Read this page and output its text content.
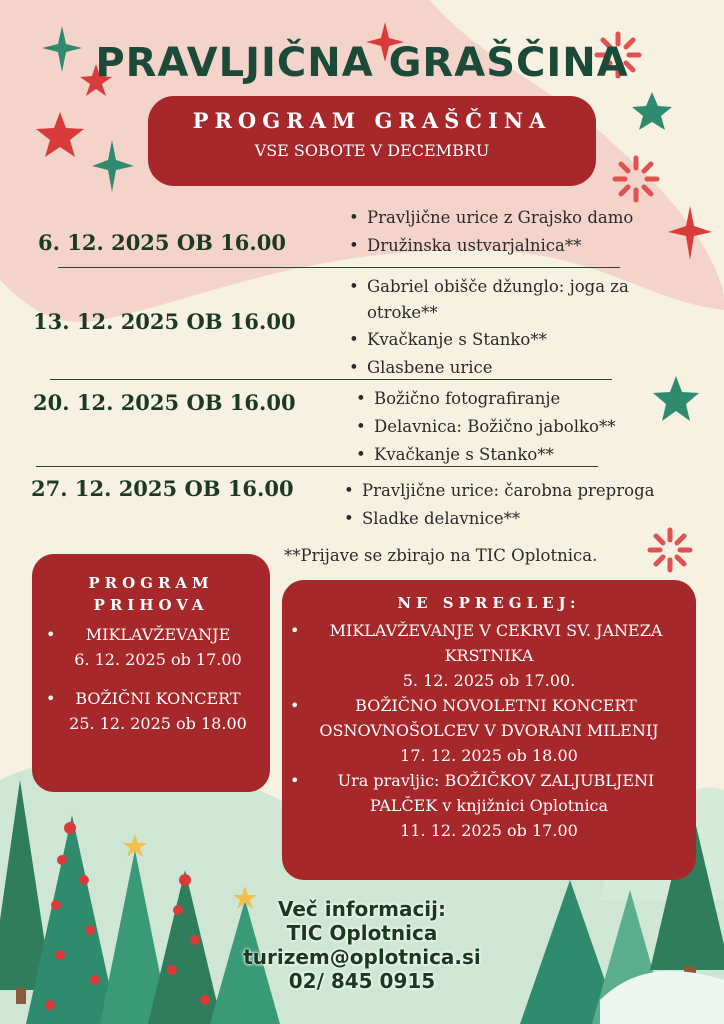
PRAVLJIČNA GRAŠČINA
PROGRAM GRAŠČINA
VSE SOBOTE V DECEMBRU
6. 12. 2025 OB 16.00
• Pravljične urice z Grajsko damo
• Družinska ustvarjalnica**
13. 12. 2025 OB 16.00
• Gabriel obišče džunglo: joga za otroke**
• Kvačkanje s Stanko**
• Glasbene urice
20. 12. 2025 OB 16.00	• Božično fotografiranje
• Delavnica: Božično jabolko**
• Kvačkanje s Stanko**
27. 12. 2025 OB 16.00	• Pravljične urice: čarobna preproga
• Sladke delavnice**
**Prijave se zbirajo na TIC Oplotnica.
PROGRAM
PRIHOVA
• MIKLAVŽEVANJE
6. 12. 2025 ob 17.00
• BOŽIČNI KONCERT
25. 12. 2025 ob 18.00
NE SPREGLEJ:
• MIKLAVŽEVANJE V CEKRVI SV. JANEZA
KRSTNIKA
5. 12. 2025 ob 17.00.
• BOŽIČNO NOVOLETNI KONCERT
OSNOVNOŠOLCEV V DVORANI MILENIJ
17. 12. 2025 ob 18.00
• Ura pravljic: BOŽIČKOV ZALJUBLJENI
PALČEK v knjižnici Oplotnica
11. 12. 2025 ob 17.00
Več informacij:
TIC Oplotnica
turizem@oplotnica.si
02/ 845 0915
